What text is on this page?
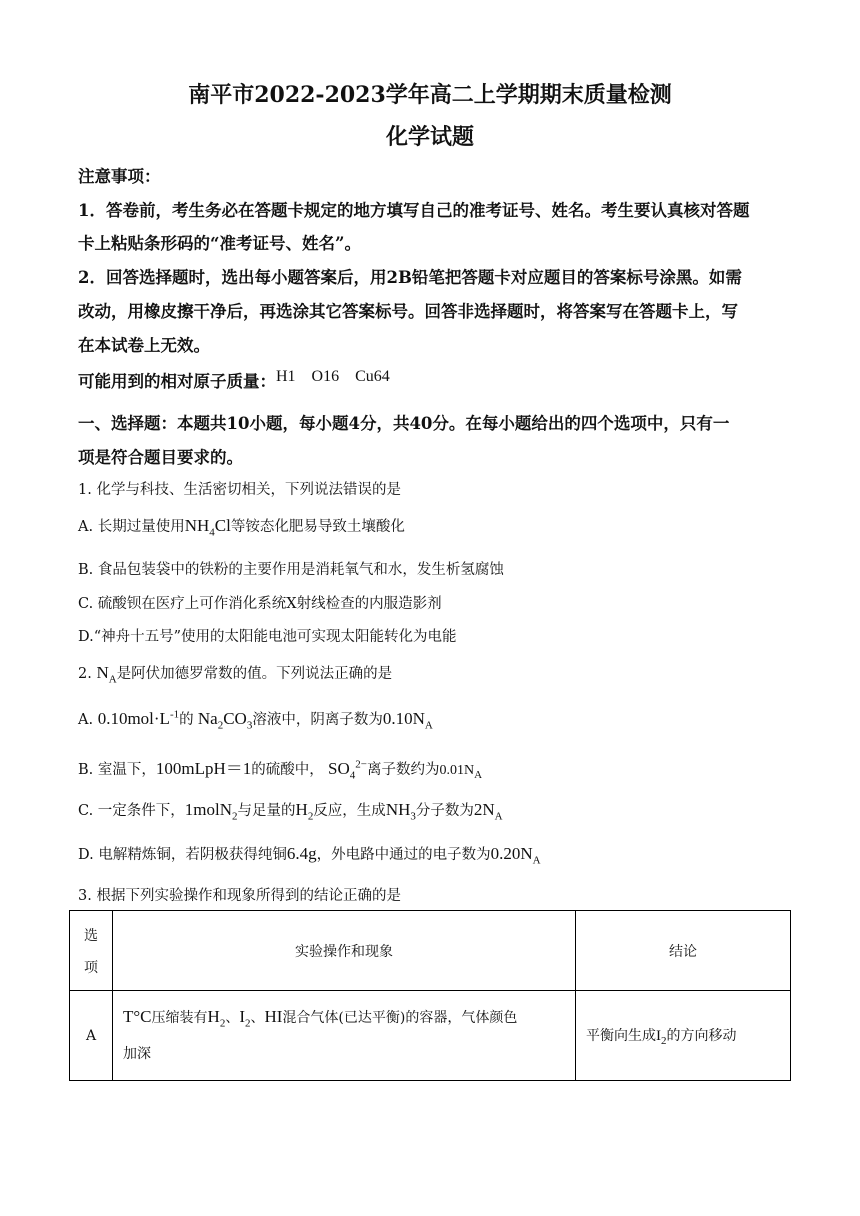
南平市2022-2023学年高二上学期期末质量检测
化学试题
注意事项：
1．答卷前，考生务必在答题卡规定的地方填写自己的准考证号、姓名。考生要认真核对答题
卡上粘贴条形码的“准考证号、姓名”。
2．回答选择题时，选出每小题答案后，用2B铅笔把答题卡对应题目的答案标号涂黑。如需
改动，用橡皮擦干净后，再选涂其它答案标号。回答非选择题时，将答案写在答题卡上，写
在本试卷上无效。
可能用到的相对原子质量：H1　O16　Cu64
一、选择题：本题共10小题，每小题4分，共40分。在每小题给出的四个选项中，只有一
项是符合题目要求的。
1. 化学与科技、生活密切相关，下列说法错误的是
A. 长期过量使用$NH_4Cl$等铵态化肥易导致土壤酸化
B. 食品包装袋中的铁粉的主要作用是消耗氧气和水，发生析氢腐蚀
C. 硫酸钡在医疗上可作消化系统X射线检查的内服造影剂
D.“神舟十五号”使用的太阳能电池可实现太阳能转化为电能
2. $N_A$是阿伏加德罗常数的值。下列说法正确的是
A. $0.10mol\cdot L^{-1}$的 $Na_2CO_3$溶液中，阴离子数为$0.10N_A$
B. 室温下，100mLpH＝1的硫酸中， $SO_4^{2-}$离子数约为$0.01N_A$
C. 一定条件下，1molN$_2$与足量的$H_2$反应，生成$NH_3$分子数为$2N_A$
D. 电解精炼铜，若阴极获得纯铜6.4g，外电路中通过的电子数为$0.20N_A$
3. 根据下列实验操作和现象所得到的结论正确的是
选
项	实验操作和现象	结论
A	T°C压缩装有$H_2$、$I_2$、HI混合气体(已达平衡)的容器，气体颜色
加深	平衡向生成$I_2$的方向移动
